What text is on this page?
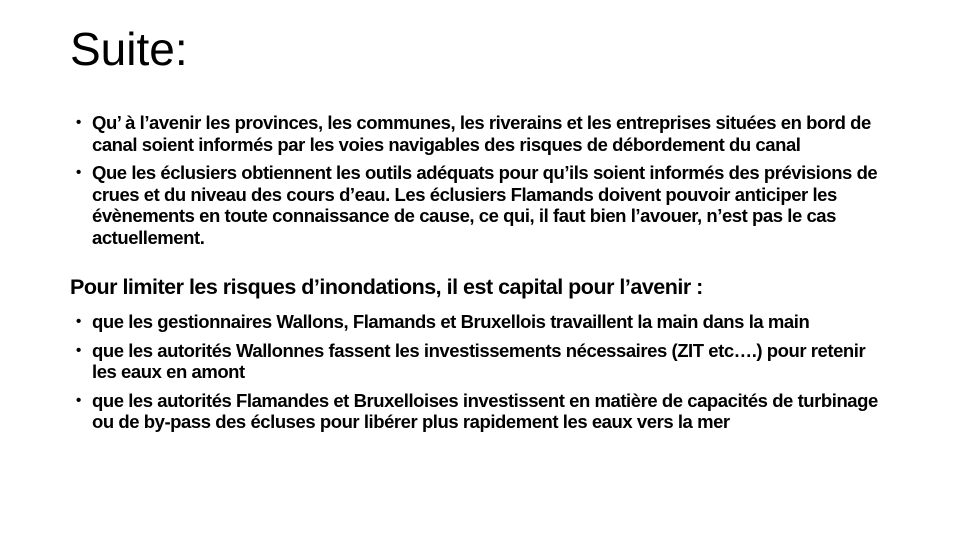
Suite:
• Qu’ à l’avenir les provinces, les communes, les riverains et les entreprises situées en bord de canal soient informés par les voies navigables des risques de débordement du canal
• Que les éclusiers obtiennent les outils adéquats pour qu’ils soient informés des prévisions de crues et du niveau des cours d’eau. Les éclusiers Flamands doivent pouvoir anticiper les évènements en toute connaissance de cause, ce qui, il faut bien l’avouer, n’est pas le cas actuellement.
Pour limiter les risques d’inondations, il est capital pour l’avenir :
• que les gestionnaires Wallons, Flamands et Bruxellois travaillent la main dans la main
• que les autorités Wallonnes fassent les investissements nécessaires (ZIT etc….) pour retenir les eaux en amont
• que les autorités Flamandes et Bruxelloises investissent en matière de capacités de turbinage ou de by-pass des écluses pour libérer plus rapidement les eaux vers la mer
